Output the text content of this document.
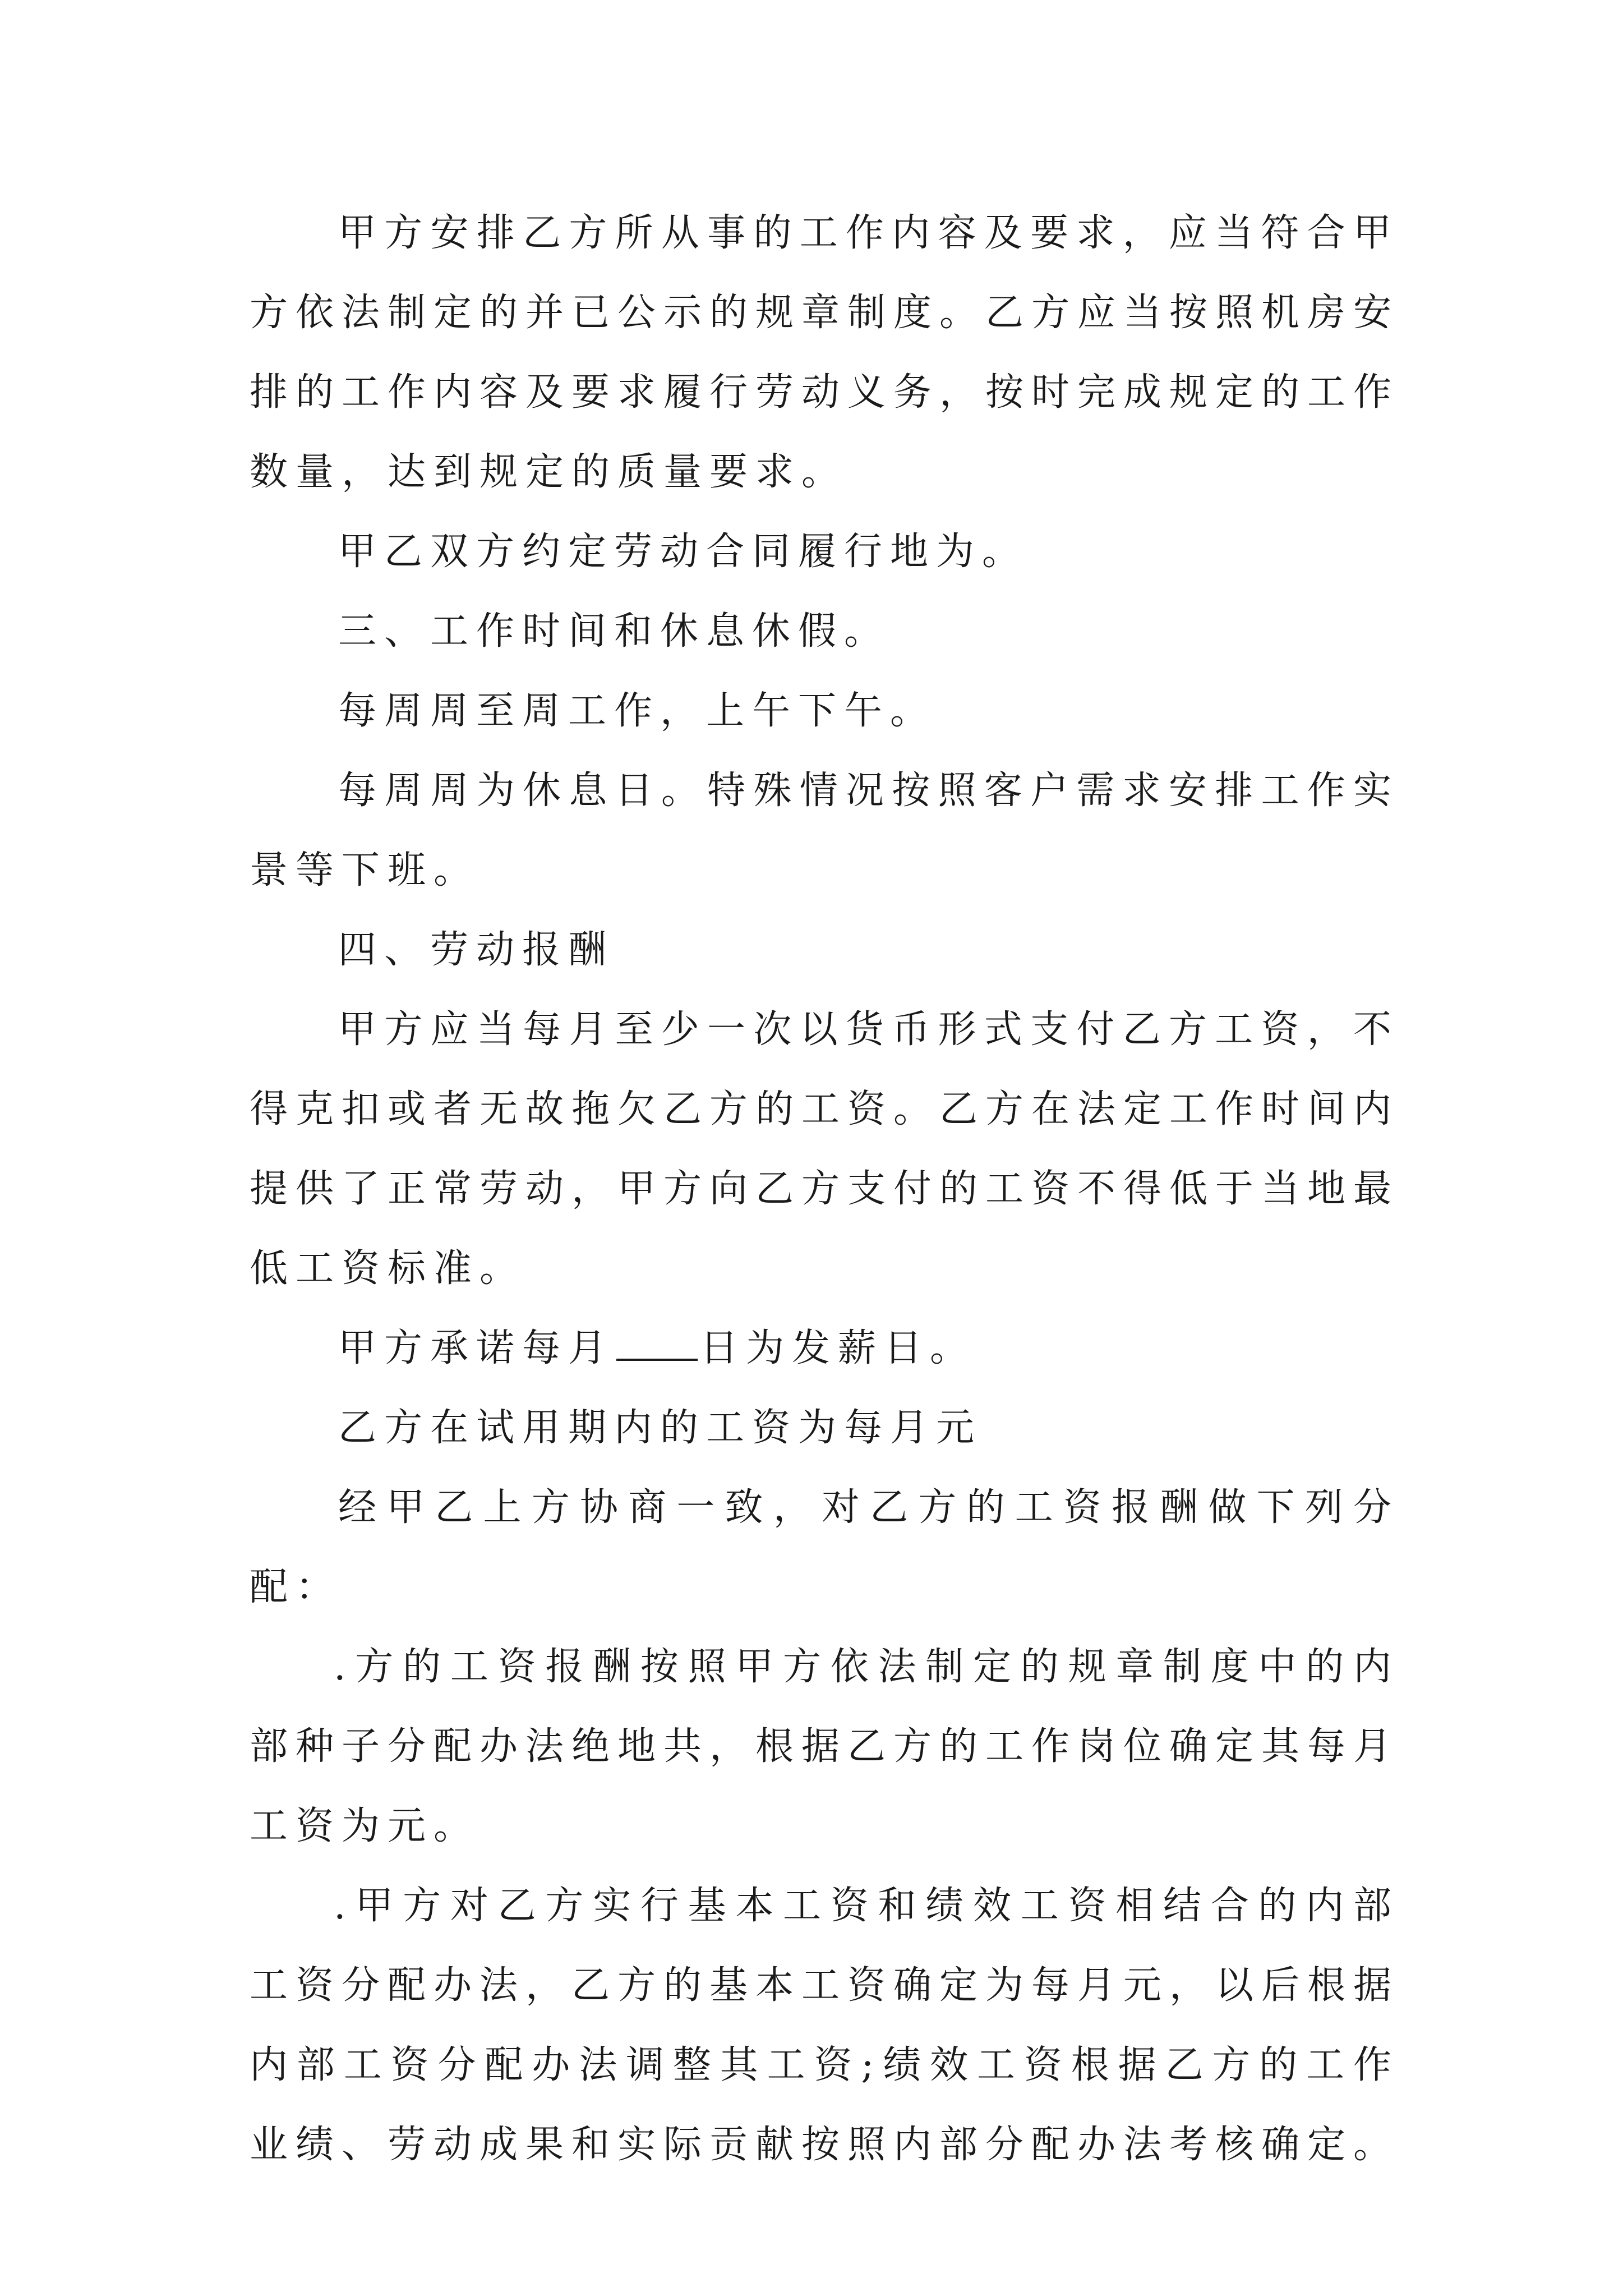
甲方安排乙方所从事的工作内容及要求，应当符合甲方依法制定的并已公示的规章制度。乙方应当按照机房安排的工作内容及要求履行劳动义务，按时完成规定的工作数量，达到规定的质量要求。

甲乙双方约定劳动合同履行地为。

三、工作时间和休息休假。

每周周至周工作，上午下午。

每周周为休息日。特殊情况按照客户需求安排工作实景等下班。

四、劳动报酬

甲方应当每月至少一次以货币形式支付乙方工资，不得克扣或者无故拖欠乙方的工资。乙方在法定工作时间内提供了正常劳动，甲方向乙方支付的工资不得低于当地最低工资标准。

甲方承诺每月 日为发薪日。

乙方在试用期内的工资为每月元

经甲乙上方协商一致，对乙方的工资报酬做下列分配：

.方的工资报酬按照甲方依法制定的规章制度中的内部种子分配办法绝地共，根据乙方的工作岗位确定其每月工资为元。

.甲方对乙方实行基本工资和绩效工资相结合的内部工资分配办法，乙方的基本工资确定为每月元，以后根据内部工资分配办法调整其工资;绩效工资根据乙方的工作业绩、劳动成果和实际贡献按照内部分配办法考核确定。
